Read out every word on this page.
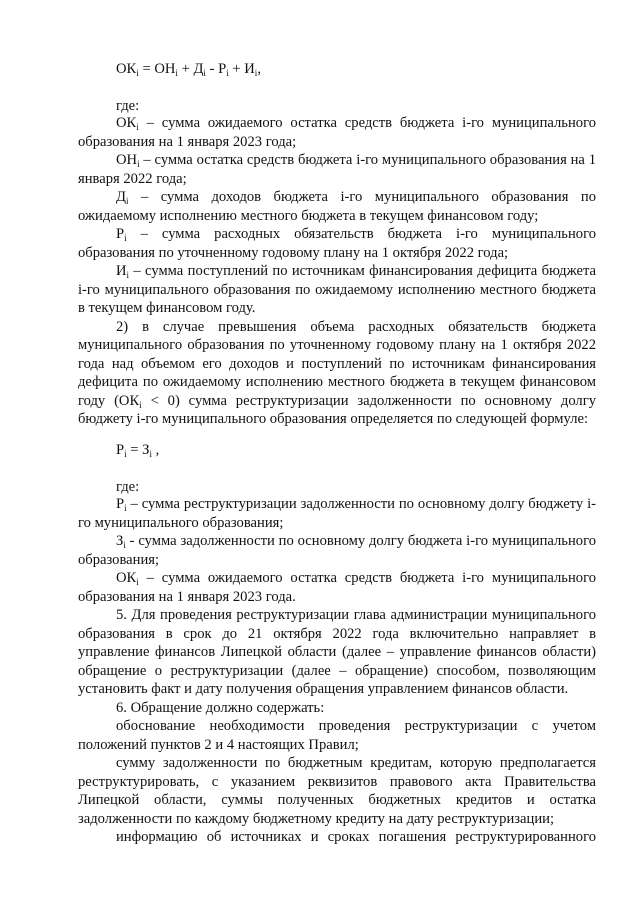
$ОК_i = ОН_i + Д_i - Р_i + И_i$,
где:

$ОК_i$ – сумма ожидаемого остатка средств бюджета i-го муниципального образования на 1 января 2023 года;

$ОН_i$ – сумма остатка средств бюджета i-го муниципального образования на 1 января 2022 года;

$Д_i$ – сумма доходов бюджета i-го муниципального образования по ожидаемому исполнению местного бюджета в текущем финансовом году;

$Р_i$ – сумма расходных обязательств бюджета i-го муниципального образования по уточненному годовому плану на 1 октября 2022 года;

$И_i$ – сумма поступлений по источникам финансирования дефицита бюджета i-го муниципального образования по ожидаемому исполнению местного бюджета в текущем финансовом году.

2) в случае превышения объема расходных обязательств бюджета муниципального образования по уточненному годовому плану на 1 октября 2022 года над объемом его доходов и поступлений по источникам финансирования дефицита по ожидаемому исполнению местного бюджета в текущем финансовом году $(ОК_i < 0)$ сумма реструктуризации задолженности по основному долгу бюджету i-го муниципального образования определяется по следующей формуле:

$Р_i = З_i$ ,
где:

$Р_i$ – сумма реструктуризации задолженности по основному долгу бюджету i-го муниципального образования;

$З_i$ - сумма задолженности по основному долгу бюджета i-го муниципального образования;

$ОК_i$ – сумма ожидаемого остатка средств бюджета i-го муниципального образования на 1 января 2023 года.

5. Для проведения реструктуризации глава администрации муниципального образования в срок до 21 октября 2022 года включительно направляет в управление финансов Липецкой области (далее – управление финансов области) обращение о реструктуризации (далее – обращение) способом, позволяющим установить факт и дату получения обращения управлением финансов области.

6. Обращение должно содержать:

обоснование необходимости проведения реструктуризации с учетом положений пунктов 2 и 4 настоящих Правил;

сумму задолженности по бюджетным кредитам, которую предполагается реструктурировать, с указанием реквизитов правового акта Правительства Липецкой области, суммы полученных бюджетных кредитов и остатка задолженности по каждому бюджетному кредиту на дату реструктуризации;

информацию об источниках и сроках погашения реструктурированного
